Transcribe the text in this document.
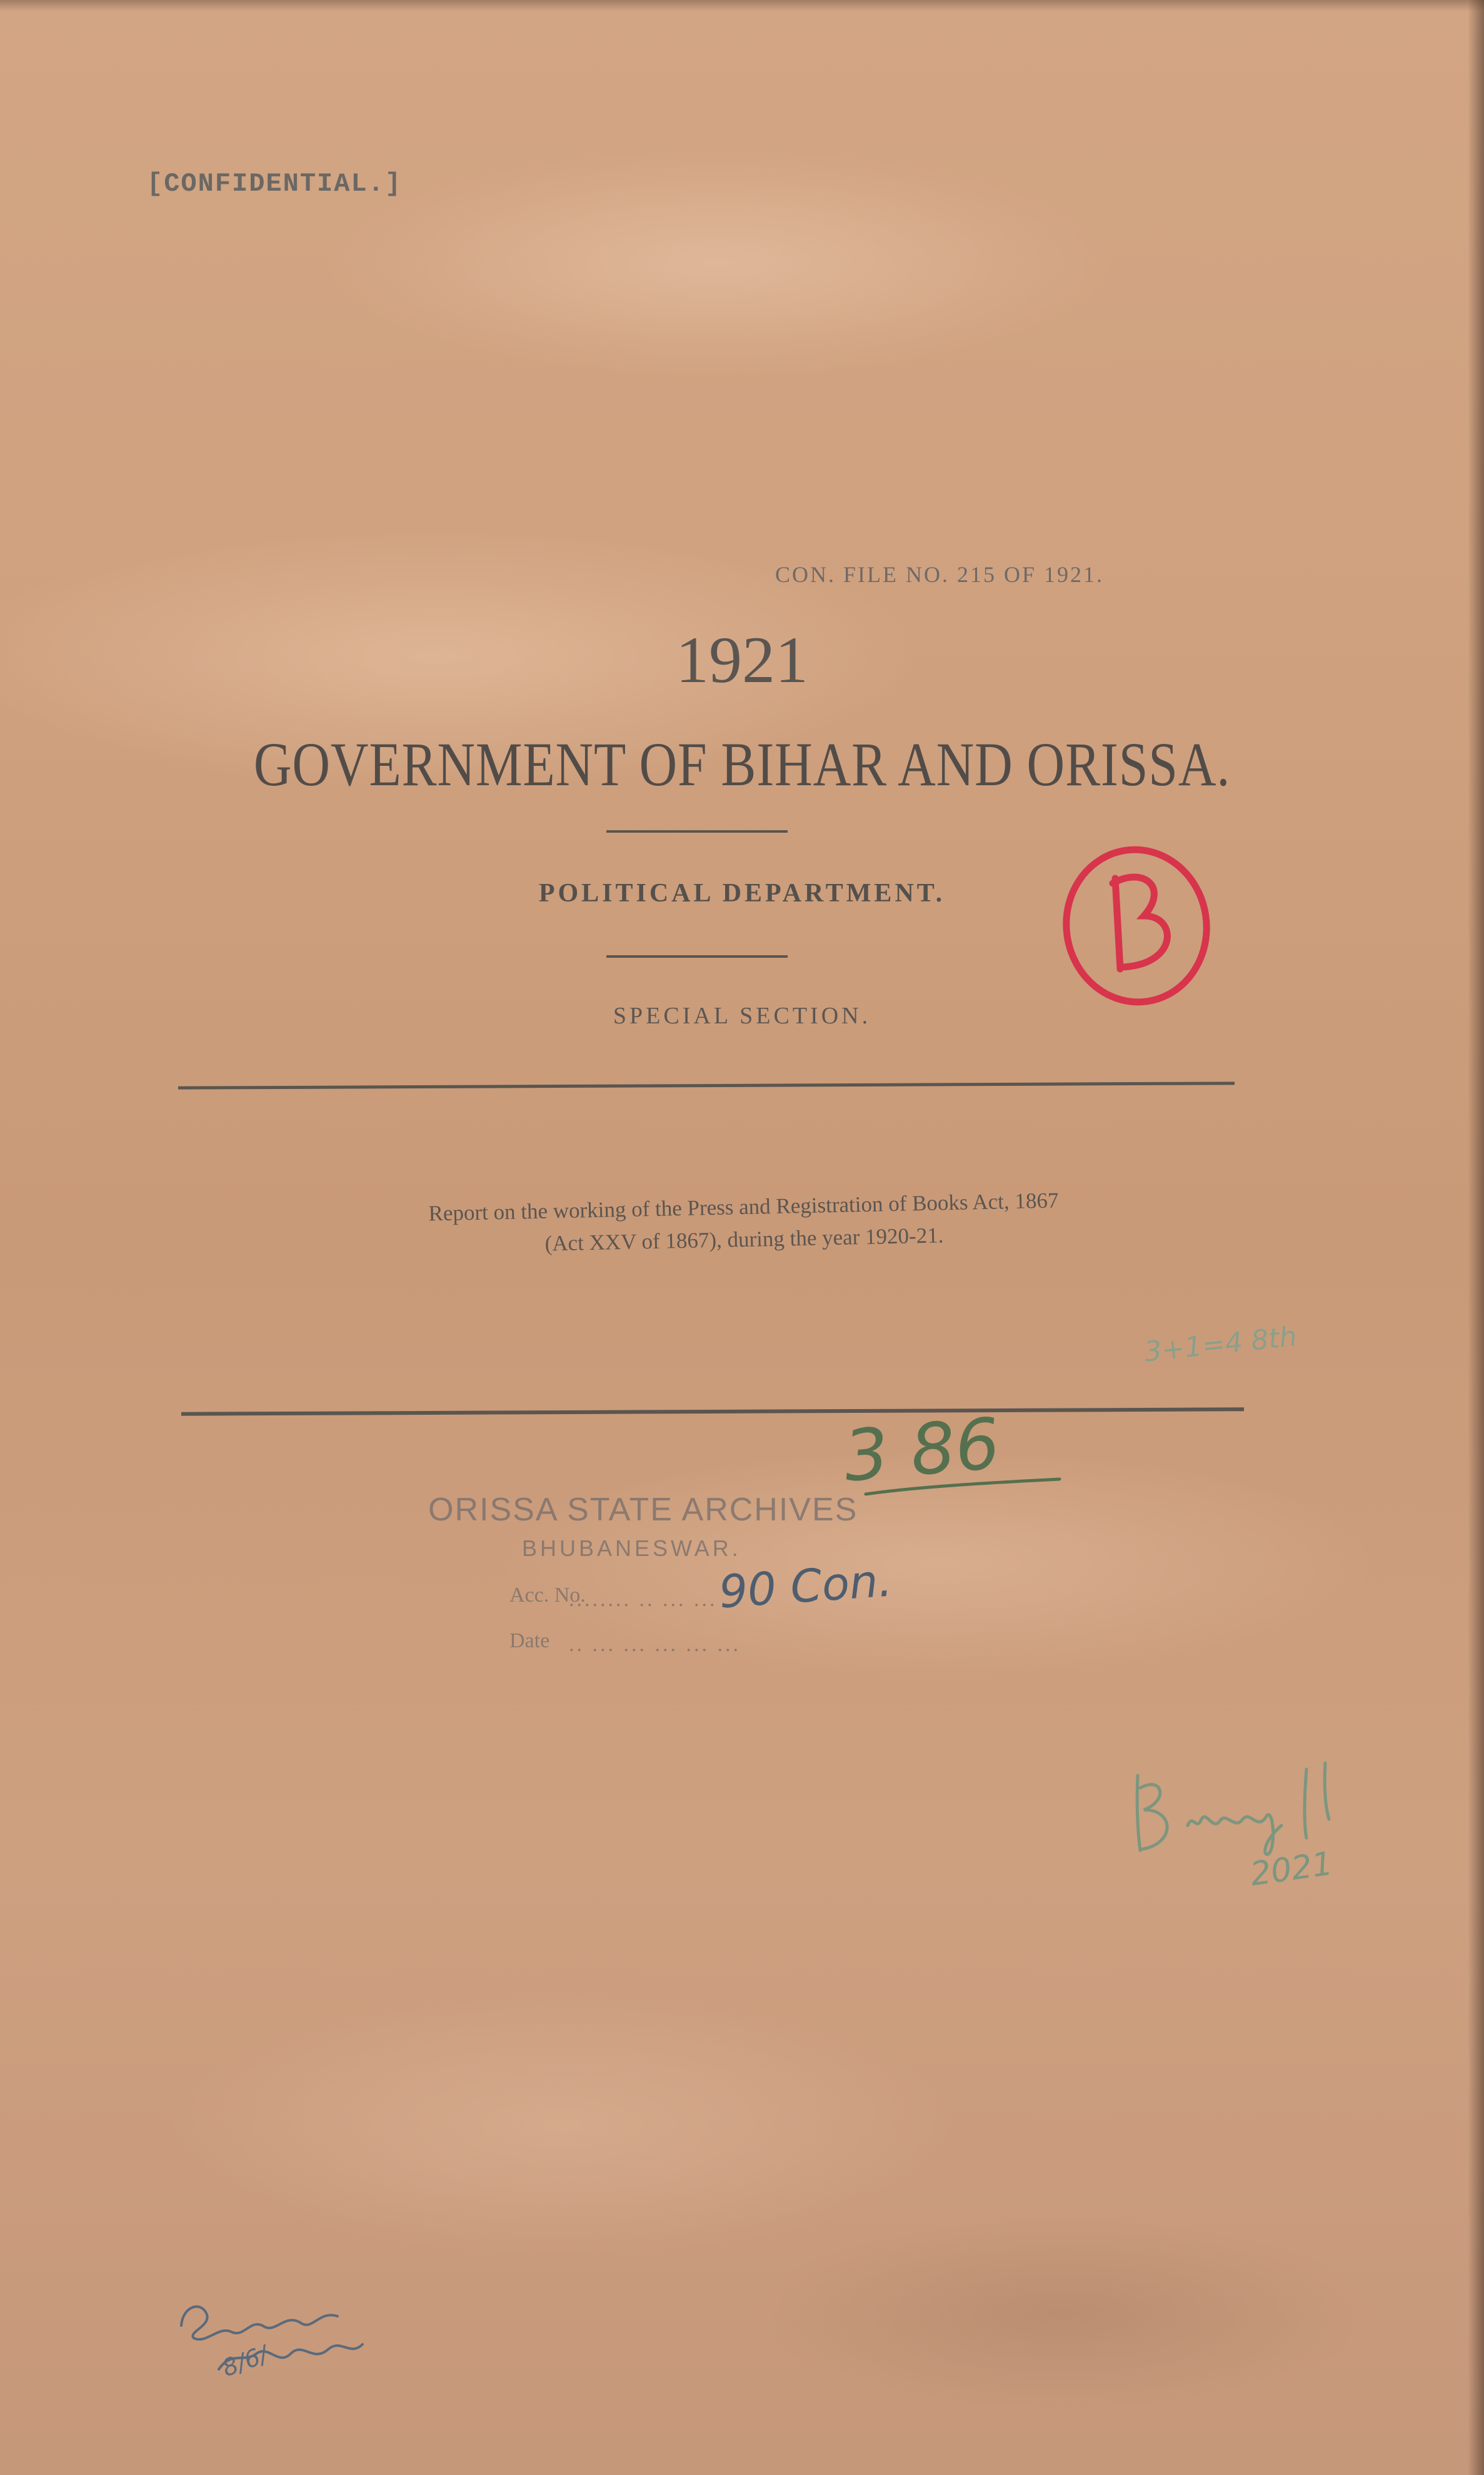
[CONFIDENTIAL.]

CON. FILE NO. 215 OF 1921.

1921

GOVERNMENT OF BIHAR AND ORISSA.

POLITICAL DEPARTMENT.

SPECIAL SECTION.

Report on the working of the Press and Registration of Books Act, 1867
(Act XXV of 1867), during the year 1920-21.

ORISSA STATE ARCHIVES
BHUBANESWAR.
Acc. No.
........ .. ... ...
Date .. ... ... ... ... ...
90 Con.
3+1=4 8th
3 86
2021
8/6/
